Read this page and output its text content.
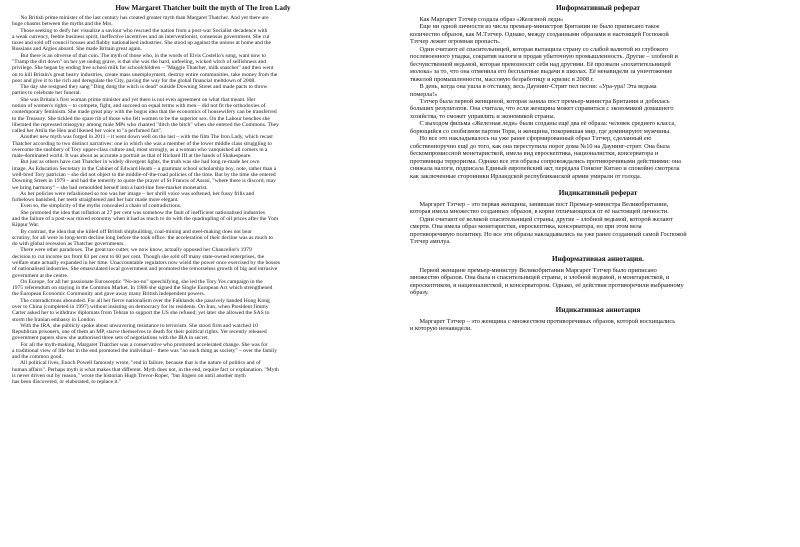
How Margaret Thatcher built the myth of The Iron Lady
No British prime minister of the last century has created greater myth than Margaret Thatcher. And yet there are
huge chasms between the myths and the Mrs.
Those seeking to deify her visualize a saviour who rescued the nation from a post-war Socialist decadence with
a weak currency, feeble business spirit, ineffective incentives and an interventionist, consensus government. She cut
taxes and sold off council houses and flabby nationalised industries. She stood up against the unions at home and the
Russians and Argies aboard. She made Britain great again.
But there is an obverse of that coin. The myth of those who, in the words of Elvis Costello's song, want now to
"Tramp the dirt down" on her yet undug grave, is that she was the hard, unfeeling, wicked witch of selfishness and
privilege. She began by ending free school milk for schoolchildren – "Maggie Thatcher, milk snatcher" and then went
on to kill Britain's great heavy industries, create mass unemployment, destroy entire communities, take money from the
poor and give it to the rich and deregulate the City, paving the way for the global financial meltdown of 2008.
The day she resigned they sang "Ding dong the witch is dead" outside Downing Street and made pacts to throw
parties to celebrate her funeral.
She was Britain's first woman prime minister and yet there is not even agreement on what that meant. Her
notion of women's rights – to compete, fight, and succeed on equal terms with men – did not fit the orthodoxies of
contemporary feminism. She made great play with the bogus idea that the economics of housewifery can be transferred
to the Treasury. She tickled the spare rib of those who felt women to be the superior sex. On the Labour benches she
liberated the repressed misogyny among male MPs who chanted "ditch the bitch" when she entered the Commons. They
called her Attila the Hen and likened her voice to "a perfumed fart".
Another new myth was forged in 2011 – it went down well on the last – with the film The Iron Lady, which recast
Thatcher according to two distinct narratives: one in which she was a member of the lower middle class struggling to
overcome the snobbery of Tory upper-class culture and, most strongly, as a woman who vanquished all comers in a
male-dominated world. It was about as accurate a portrait as that of Richard III at the hands of Shakespeare.
But just as others have cast Thatcher in widely divergent lights, the truth was she had long re-made her own
image. As Education Secretary in the Cabinet of Edward Heath – a grammar school scholarship boy, note, rather than a
well-bred Tory patrician – she did not object to the middle-of-the-road policies of the time. But by the time she entered
Downing Street in 1979 – and had the temerity to quote the prayer of St Francis of Assisi, "where there is discord, may
we bring harmony" – she had remoulded herself into a hard-line free-market monetarist.
As her policies were refashioned so too was her image – her shrill voice was softened, her fussy frills and
furbelows banished, her teeth straightened and her hair made more elegant.
Even so, the simplicity of the myths concealed a chain of contradictions.
She promoted the idea that inflation at 27 per cent was somehow the fault of inefficient nationalised industries
and the failure of a post-war mixed economy when it had as much to do with the quadrupling of oil prices after the Yom
Kippur War.
By contrast, the idea that she killed off British shipbuilding, coal-mining and steel-making does not bear
scrutiny, for all were in long-term decline long before the took office: the acceleration of their decline was as much to
do with global recession as Thatcher governments.
There were other paradoxes. The great tax-cutter, we now know, actually opposed her Chancellor's 1979
decision to cut income tax from 83 per cent to 60 per cent. Though she sold off many state-owned enterprises, the
welfare state actually expanded in her time. Unaccountable regulators now wield the power once exercised by the bosses
of nationalised industries. She emasculated local government and promoted the remorseless growth of big and intrusive
government at the centre.
On Europe, for all her passionate Eurosceptic "No-no-no" speechifying, she led the Tory Yes campaign in the
1975 referendum on staying in the Common Market. In 1986 she signed the Single European Act which strengthened
the European Economic Community and gave away many British independent powers.
The contradictions abounded. For all her fierce nationalism over the Falklands she passively handed Hong Kong
over to China (completed in 1997) without insisting on democracy for its residents. On Iran, when President Jimmy
Carter asked her to withdraw diplomats from Tehran to support the US she refused; yet later she allowed the SAS to
storm the Iranian embassy in London
With the IRA, she publicly spoke about unwavering resistance to terrorism. She stood firm and watched 10
Republican prisoners, one of them an MP, starve themselves to death for their political rights. Yet recently released
government papers show she authorised three sets of negotiations with the IRA in secret.
For all the myth-making, Margaret Thatcher was a conservative who promoted accelerated change. She was for
a traditional view of life but in the end promoted the individual – there was "no such thing as society" – over the family
and the common good.
All political lives, Enoch Powell famously wrote, "end in failure, because that is the nature of politics and of
human affairs". Perhaps myth is what makes that different. Myth does not, in the end, require fact or explanation. "Myth
is never driven out by reason," wrote the historian Hugh Trevor-Roper, "but lingers on until another myth
has been discovered, or elaborated, to replace it."
Информативный реферат
Как Маргарет Тэтчер создала образ «Железной леди»
Еще ни одной личности из числа премьер-министров Британии не было приписано такое
количество образов, как М.Тэтчер. Однако, между созданными образами и настоящей Госпожой
Тэтчер лежит огромная пропасть.
Одни считают её спасительницей, которая вытащила страну со слабой валютой из глубокого
послевоенного упадка, сократив налоги и продав убыточную промышленность. Другие – злобной и
бесчувственной ведьмой, которая превозносит себя над другими. Её прозвали «похитительницей
молока» за то, что она отменила его бесплатные выдачи в школах. Её ненавидели за уничтожение
тяжелой промышленности, массовую безработицу и кризис в 2008 г.
В день, когда она ушла в отставку, весь Даунинг-Стрит пел песни: «Ура-ура! Эта ведьма
померла!»
Тэтчер была первой женщиной, которая заняла пост премьер-министра Британии и добилась
больших результатов. Она считала, что если женщина может справиться с экономикой домашнего
хозяйства, то сможет управлять и экономикой страны.
С выходом фильма «Железная леди» были созданы ещё два её образа: человек среднего класса,
борющийся со снобизмом партии Тори, и женщина, покорившая мир, где доминируют мужчины.
Но все это накладывалось на уже ранее сформированный образ Тэтчер, сделанный ею
собственноручно ещё до того, как она переступила порог дома №10 на Даунинг-стрит. Она была
бескомпромиссной монетаристкой, имела вид евроскептика, националистки, консерватора и
противницы терроризма. Однако все эти образы сопровождались противоречивыми действиями: она
снижала налоги, подписала Единый европейский акт, передала Гонконг Китаю и спокойно смотрела
как заключенные сторонники Ирландской республиканской армии умирали от голода.
Индикативный реферат
Маргарет Тэтчер – это первая женщина, занявшая пост Премьер-министра Великобритании,
которая имела множество созданных образов, в корне отличающихся от её настоящей личности.
Одни считают её великой спасительницей страны, другие – злобной ведьмой, которой желают
смерти. Она имела образ монетаристки, евроскептика, консерватора, но при этом вела
противоречивую политику. Но все эти образы накладывались на уже ранее созданный самой Госпожой
Тэтчер амплуа.
Информативная аннотация.
Первой женщине премьер-министру Великобритании Маргарет Тэтчер было приписано
множество образов. Она была и спасительницей страны, и злобной ведьмой, и монетаристкой, и
евроскептиком, и националисткой, и консерватором. Однако, её действия противоречили выбранному
образу.
Индикативная аннотация
Маргарет Тэтчер – это женщина с множеством противоречивых образов, которой восхищались
и которую ненавидели.
